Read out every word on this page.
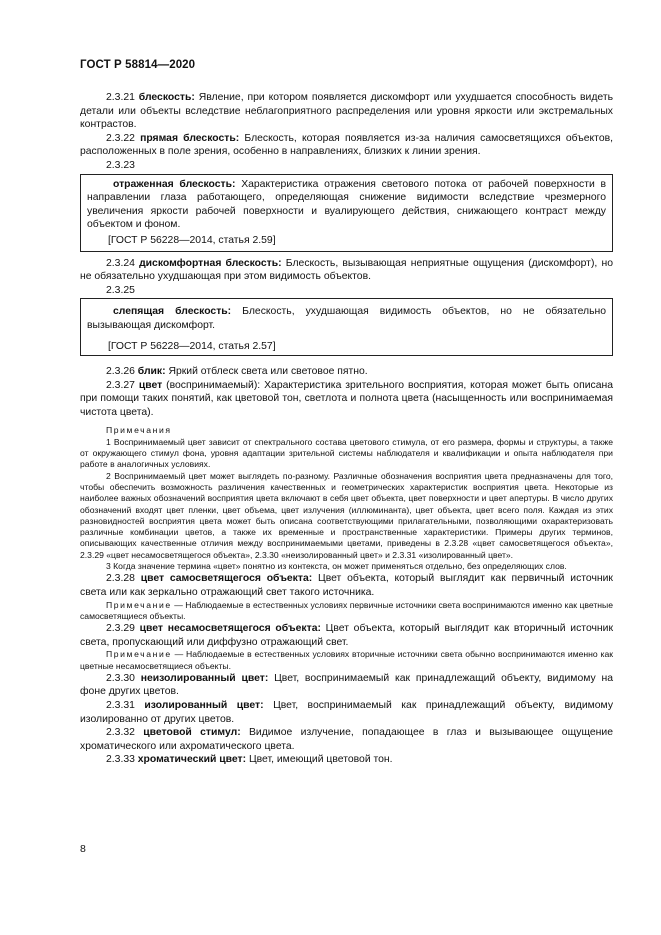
ГОСТ Р 58814—2020

2.3.21 блескость: Явление, при котором появляется дискомфорт или ухудшается способность видеть детали или объекты вследствие неблагоприятного распределения или уровня яркости или экстремальных контрастов.

2.3.22 прямая блескость: Блескость, которая появляется из-за наличия самосветящихся объектов, расположенных в поле зрения, особенно в направлениях, близких к линии зрения.

2.3.23

отраженная блескость: Характеристика отражения светового потока от рабочей поверхности в направлении глаза работающего, определяющая снижение видимости вследствие чрезмерного увеличения яркости рабочей поверхности и вуалирующего действия, снижающего контраст между объектом и фоном.

[ГОСТ Р 56228—2014, статья 2.59]

2.3.24 дискомфортная блескость: Блескость, вызывающая неприятные ощущения (дискомфорт), но не обязательно ухудшающая при этом видимость объектов.

2.3.25

слепящая блескость: Блескость, ухудшающая видимость объектов, но не обязательно вызывающая дискомфорт.

[ГОСТ Р 56228—2014, статья 2.57]

2.3.26 блик: Яркий отблеск света или световое пятно.

2.3.27 цвет (воспринимаемый): Характеристика зрительного восприятия, которая может быть описана при помощи таких понятий, как цветовой тон, светлота и полнота цвета (насыщенность или воспринимаемая чистота цвета).

Примечания

1 Воспринимаемый цвет зависит от спектрального состава цветового стимула, от его размера, формы и структуры, а также от окружающего стимул фона, уровня адаптации зрительной системы наблюдателя и квалификации и опыта наблюдателя при работе в аналогичных условиях.

2 Воспринимаемый цвет может выглядеть по-разному. Различные обозначения восприятия цвета предназначены для того, чтобы обеспечить возможность различения качественных и геометрических характеристик восприятия цвета. Некоторые из наиболее важных обозначений восприятия цвета включают в себя цвет объекта, цвет поверхности и цвет апертуры. В число других обозначений входят цвет пленки, цвет объема, цвет излучения (иллюминанта), цвет объекта, цвет всего поля. Каждая из этих разновидностей восприятия цвета может быть описана соответствующими прилагательными, позволяющими охарактеризовать различные комбинации цветов, а также их временные и пространственные характеристики. Примеры других терминов, описывающих качественные отличия между воспринимаемыми цветами, приведены в 2.3.28 «цвет самосветящегося объекта», 2.3.29 «цвет несамосветящегося объекта», 2.3.30 «неизолированный цвет» и 2.3.31 «изолированный цвет».

3 Когда значение термина «цвет» понятно из контекста, он может применяться отдельно, без определяющих слов.

2.3.28 цвет самосветящегося объекта: Цвет объекта, который выглядит как первичный источник света или как зеркально отражающий свет такого источника.

Примечание — Наблюдаемые в естественных условиях первичные источники света воспринимаются именно как цветные самосветящиеся объекты.

2.3.29 цвет несамосветящегося объекта: Цвет объекта, который выглядит как вторичный источник света, пропускающий или диффузно отражающий свет.

Примечание — Наблюдаемые в естественных условиях вторичные источники света обычно воспринимаются именно как цветные несамосветящиеся объекты.

2.3.30 неизолированный цвет: Цвет, воспринимаемый как принадлежащий объекту, видимому на фоне других цветов.

2.3.31 изолированный цвет: Цвет, воспринимаемый как принадлежащий объекту, видимому изолированно от других цветов.

2.3.32 цветовой стимул: Видимое излучение, попадающее в глаз и вызывающее ощущение хроматического или ахроматического цвета.

2.3.33 хроматический цвет: Цвет, имеющий цветовой тон.

8
